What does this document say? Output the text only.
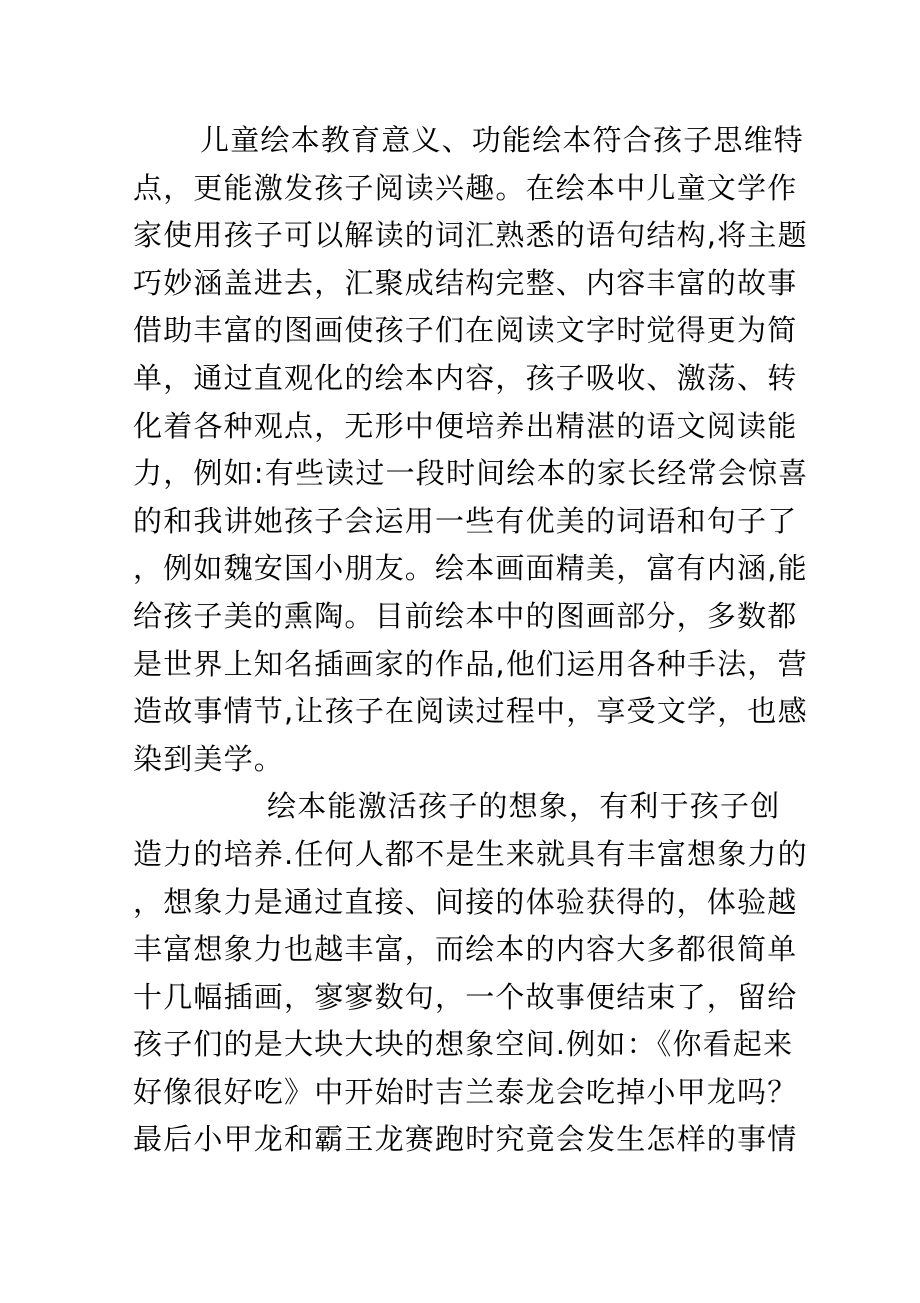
儿童绘本教育意义、功能绘本符合孩子思维特
点，更能激发孩子阅读兴趣。在绘本中儿童文学作
家使用孩子可以解读的词汇熟悉的语句结构,将主题
巧妙涵盖进去，汇聚成结构完整、内容丰富的故事
借助丰富的图画使孩子们在阅读文字时觉得更为简
单，通过直观化的绘本内容，孩子吸收、激荡、转
化着各种观点，无形中便培养出精湛的语文阅读能
力，例如:有些读过一段时间绘本的家长经常会惊喜
的和我讲她孩子会运用一些有优美的词语和句子了
，例如魏安国小朋友。绘本画面精美，富有内涵,能
给孩子美的熏陶。目前绘本中的图画部分，多数都
是世界上知名插画家的作品,他们运用各种手法，营
造故事情节,让孩子在阅读过程中，享受文学，也感
染到美学。
绘本能激活孩子的想象，有利于孩子创
造力的培养.任何人都不是生来就具有丰富想象力的
，想象力是通过直接、间接的体验获得的，体验越
丰富想象力也越丰富，而绘本的内容大多都很简单
十几幅插画，寥寥数句，一个故事便结束了，留给
孩子们的是大块大块的想象空间.例如：《你看起来
好像很好吃》中开始时吉兰泰龙会吃掉小甲龙吗？
最后小甲龙和霸王龙赛跑时究竟会发生怎样的事情
